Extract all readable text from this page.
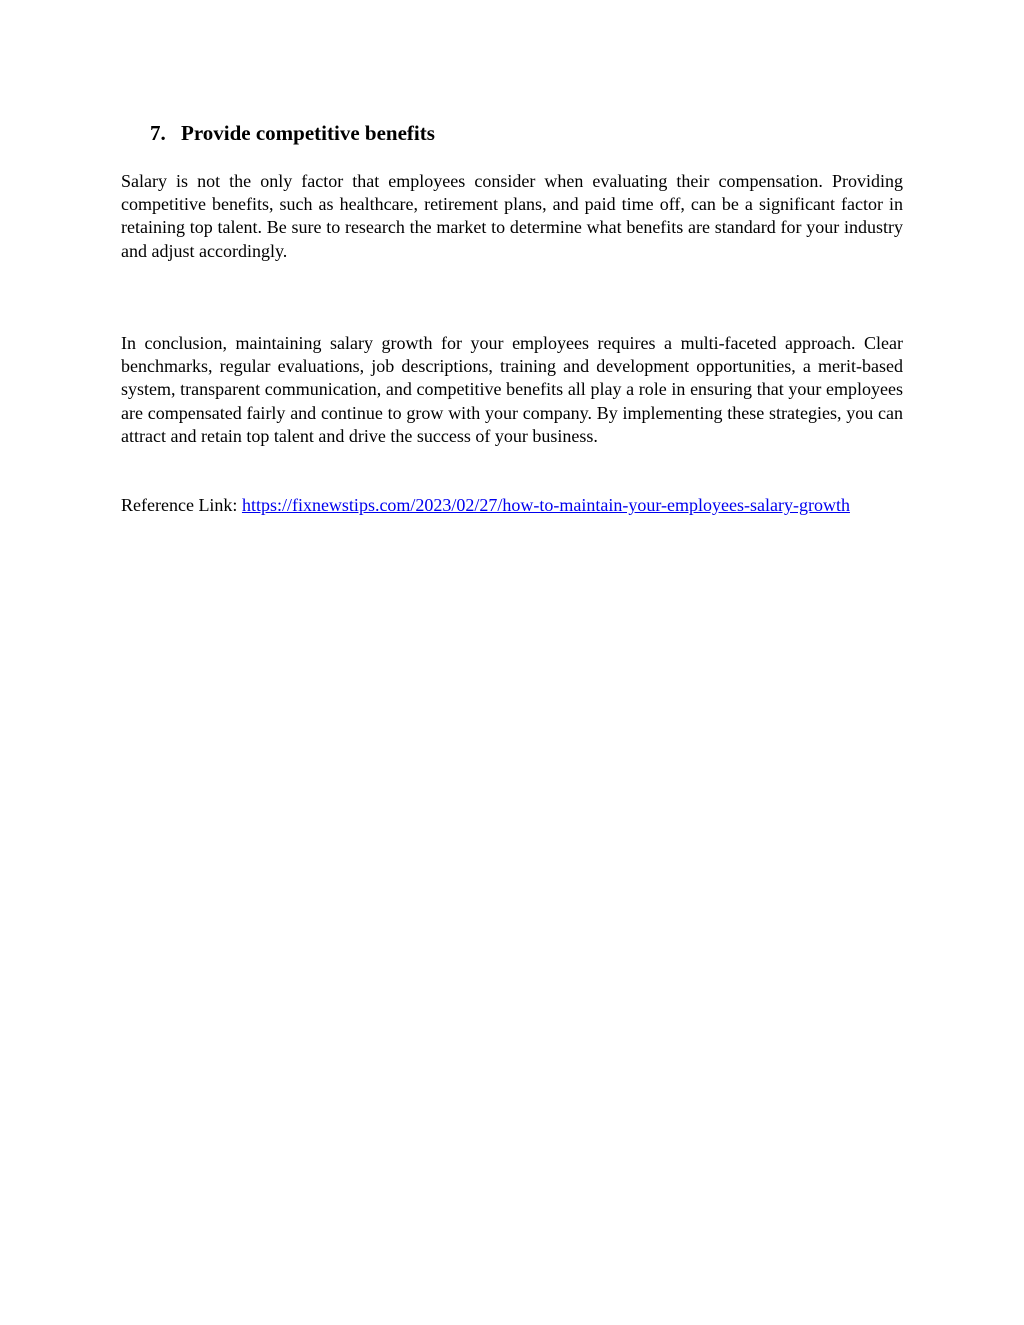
7. Provide competitive benefits

Salary is not the only factor that employees consider when evaluating their compensation. Providing competitive benefits, such as healthcare, retirement plans, and paid time off, can be a significant factor in retaining top talent. Be sure to research the market to determine what benefits are standard for your industry and adjust accordingly.

In conclusion, maintaining salary growth for your employees requires a multi-faceted approach. Clear benchmarks, regular evaluations, job descriptions, training and development opportunities, a merit-based system, transparent communication, and competitive benefits all play a role in ensuring that your employees are compensated fairly and continue to grow with your company. By implementing these strategies, you can attract and retain top talent and drive the success of your business.

Reference Link: https://fixnewstips.com/2023/02/27/how-to-maintain-your-employees-salary-growth
